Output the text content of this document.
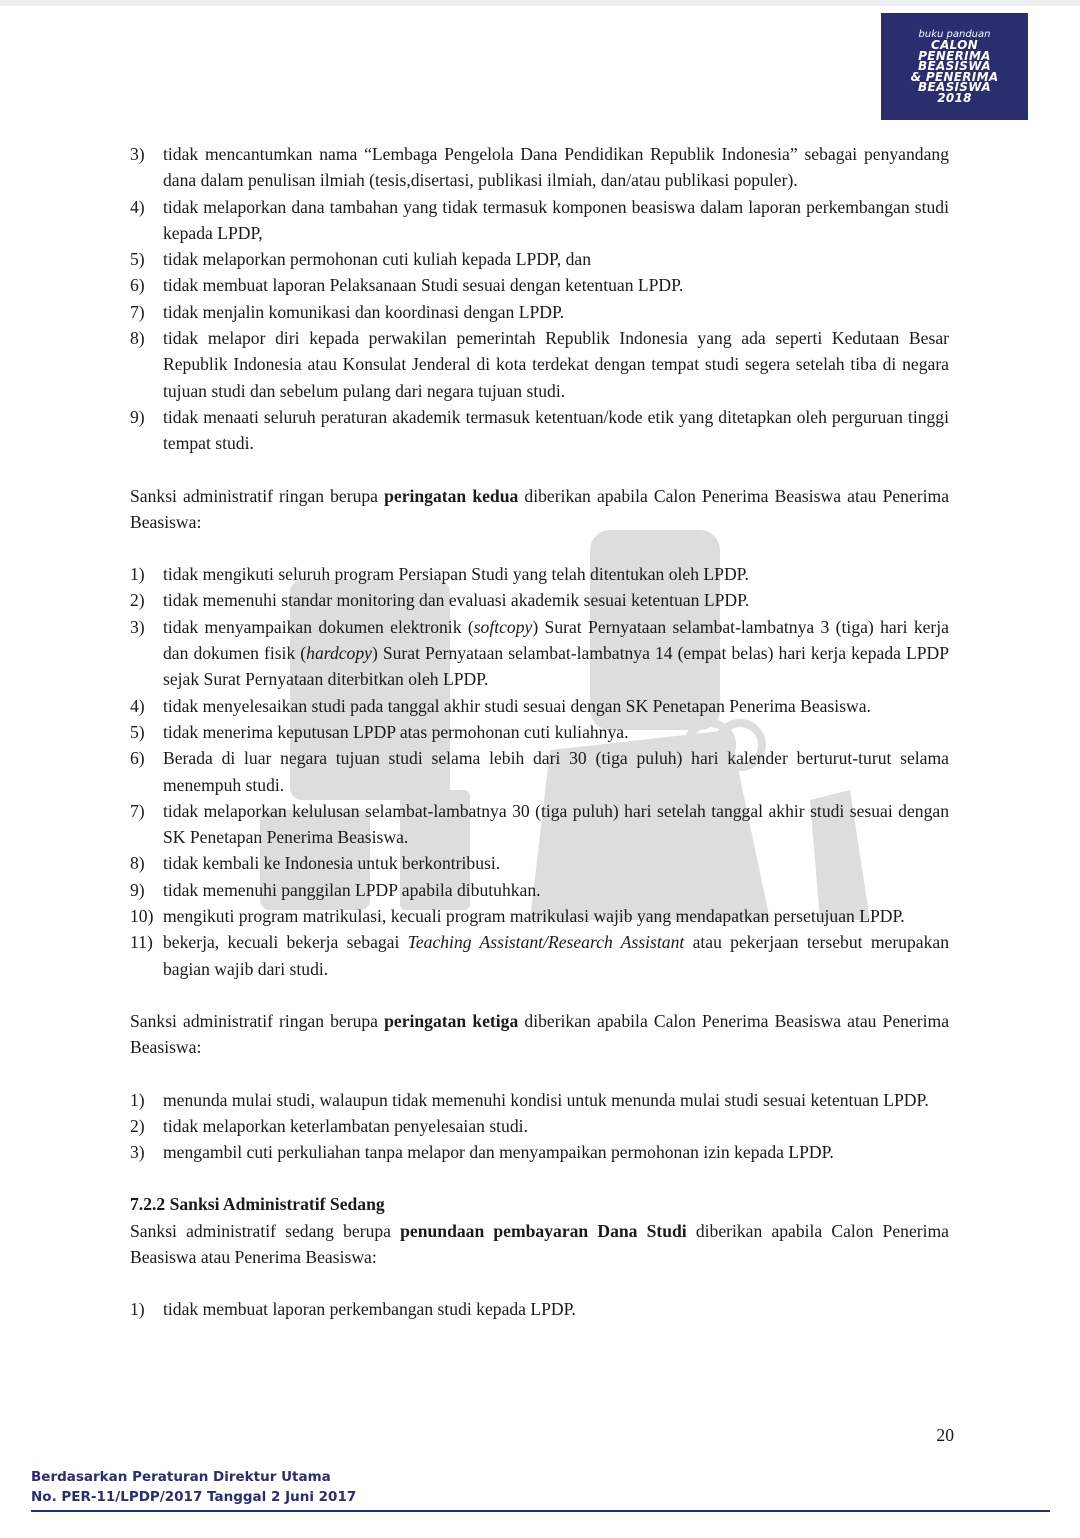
buku panduan
CALON
PENERIMA
BEASISWA
& PENERIMA
BEASISWA
2018
3)	tidak mencantumkan nama “Lembaga Pengelola Dana Pendidikan Republik Indonesia” sebagai penyandang dana dalam penulisan ilmiah (tesis,disertasi, publikasi ilmiah, dan/atau publikasi populer).
4)	tidak melaporkan dana tambahan yang tidak termasuk komponen beasiswa dalam laporan perkembangan studi kepada LPDP,
5)	tidak melaporkan permohonan cuti kuliah kepada LPDP, dan
6)	tidak membuat laporan Pelaksanaan Studi sesuai dengan ketentuan LPDP.
7)	tidak menjalin komunikasi dan koordinasi dengan LPDP.
8)	tidak melapor diri kepada perwakilan pemerintah Republik Indonesia yang ada seperti Kedutaan Besar Republik Indonesia atau Konsulat Jenderal di kota terdekat dengan tempat studi segera setelah tiba di negara tujuan studi dan sebelum pulang dari negara tujuan studi.
9)	tidak menaati seluruh peraturan akademik termasuk ketentuan/kode etik yang ditetapkan oleh perguruan tinggi tempat studi.
Sanksi administratif ringan berupa peringatan kedua diberikan apabila Calon Penerima Beasiswa atau Penerima Beasiswa:
1)	tidak mengikuti seluruh program Persiapan Studi yang telah ditentukan oleh LPDP.
2)	tidak memenuhi standar monitoring dan evaluasi akademik sesuai ketentuan LPDP.
3)	tidak menyampaikan dokumen elektronik (softcopy) Surat Pernyataan selambat-lambatnya 3 (tiga) hari kerja dan dokumen fisik (hardcopy) Surat Pernyataan selambat-lambatnya 14 (empat belas) hari kerja kepada LPDP sejak Surat Pernyataan diterbitkan oleh LPDP.
4)	tidak menyelesaikan studi pada tanggal akhir studi sesuai dengan SK Penetapan Penerima Beasiswa.
5)	tidak menerima keputusan LPDP atas permohonan cuti kuliahnya.
6)	Berada di luar negara tujuan studi selama lebih dari 30 (tiga puluh) hari kalender berturut-turut selama menempuh studi.
7)	tidak melaporkan kelulusan selambat-lambatnya 30 (tiga puluh) hari setelah tanggal akhir studi sesuai dengan SK Penetapan Penerima Beasiswa.
8)	tidak kembali ke Indonesia untuk berkontribusi.
9)	tidak memenuhi panggilan LPDP apabila dibutuhkan.
10) mengikuti program matrikulasi, kecuali program matrikulasi wajib yang mendapatkan persetujuan LPDP.
11) bekerja, kecuali bekerja sebagai Teaching Assistant/Research Assistant atau pekerjaan tersebut merupakan bagian wajib dari studi.
Sanksi administratif ringan berupa peringatan ketiga diberikan apabila Calon Penerima Beasiswa atau Penerima Beasiswa:
1)	menunda mulai studi, walaupun tidak memenuhi kondisi untuk menunda mulai studi sesuai ketentuan LPDP.
2)	tidak melaporkan keterlambatan penyelesaian studi.
3)	mengambil cuti perkuliahan tanpa melapor dan menyampaikan permohonan izin kepada LPDP.
7.2.2 Sanksi Administratif Sedang
Sanksi administratif sedang berupa penundaan pembayaran Dana Studi diberikan apabila Calon Penerima Beasiswa atau Penerima Beasiswa:
1)	tidak membuat laporan perkembangan studi kepada LPDP.
20
Berdasarkan Peraturan Direktur Utama
No. PER-11/LPDP/2017 Tanggal 2 Juni 2017
